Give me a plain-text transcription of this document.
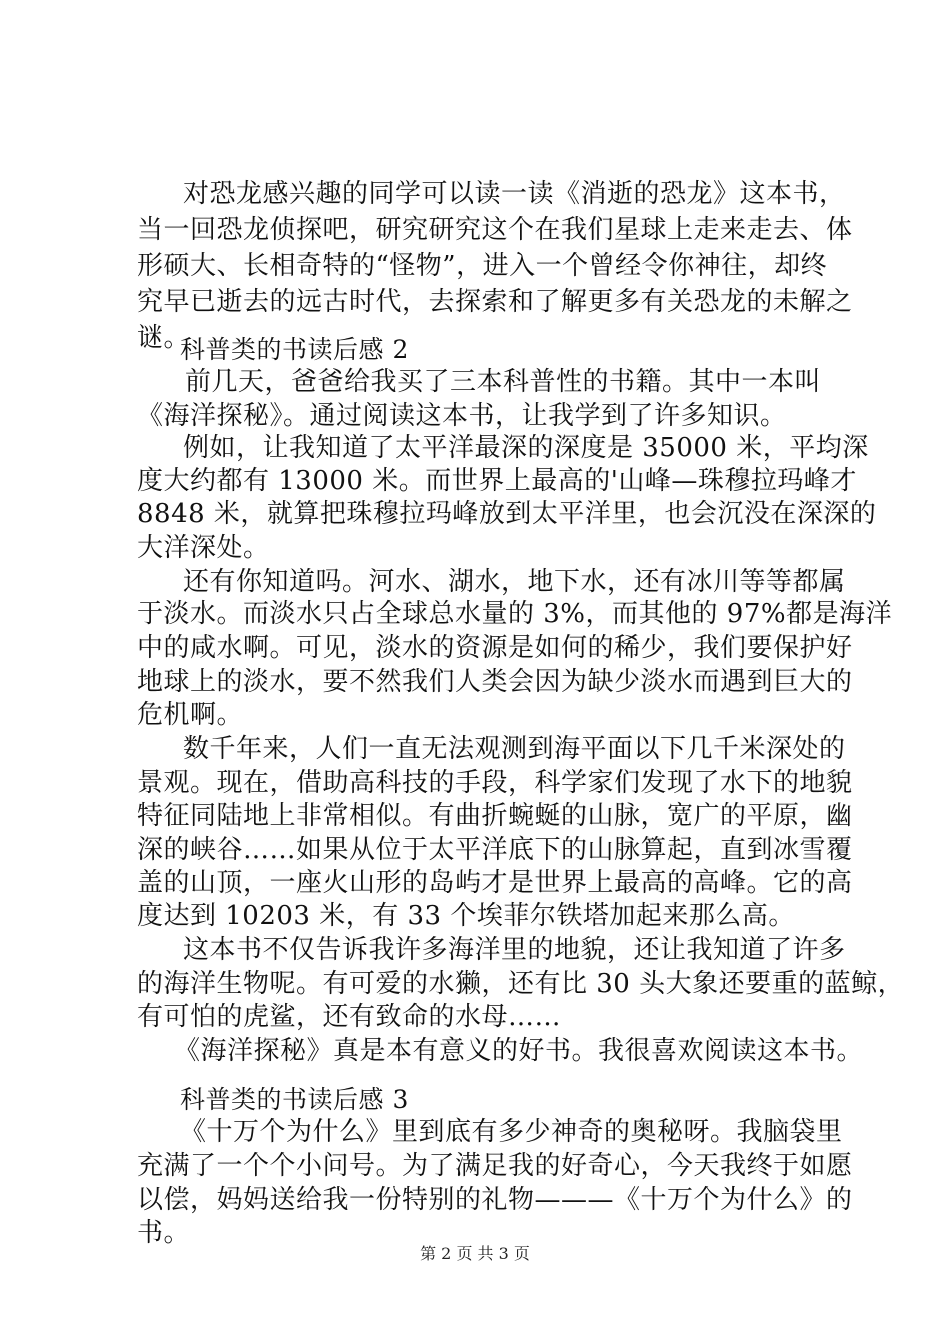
对恐龙感兴趣的同学可以读一读《消逝的恐龙》这本书，
当一回恐龙侦探吧，研究研究这个在我们星球上走来走去、体
形硕大、长相奇特的“怪物”，进入一个曾经令你神往，却终
究早已逝去的远古时代，去探索和了解更多有关恐龙的未解之
谜。
科普类的书读后感 2
前几天，爸爸给我买了三本科普性的书籍。其中一本叫
《海洋探秘》。通过阅读这本书，让我学到了许多知识。
例如，让我知道了太平洋最深的深度是 35000 米，平均深
度大约都有 13000 米。而世界上最高的'山峰—珠穆拉玛峰才
8848 米，就算把珠穆拉玛峰放到太平洋里，也会沉没在深深的
大洋深处。
还有你知道吗。河水、湖水，地下水，还有冰川等等都属
于淡水。而淡水只占全球总水量的 3%，而其他的 97%都是海洋
中的咸水啊。可见，淡水的资源是如何的稀少，我们要保护好
地球上的淡水，要不然我们人类会因为缺少淡水而遇到巨大的
危机啊。
数千年来，人们一直无法观测到海平面以下几千米深处的
景观。现在，借助高科技的手段，科学家们发现了水下的地貌
特征同陆地上非常相似。有曲折蜿蜒的山脉，宽广的平原，幽
深的峡谷……如果从位于太平洋底下的山脉算起，直到冰雪覆
盖的山顶，一座火山形的岛屿才是世界上最高的高峰。它的高
度达到 10203 米，有 33 个埃菲尔铁塔加起来那么高。
这本书不仅告诉我许多海洋里的地貌，还让我知道了许多
的海洋生物呢。有可爱的水獭，还有比 30 头大象还要重的蓝鲸，
有可怕的虎鲨，还有致命的水母……
《海洋探秘》真是本有意义的好书。我很喜欢阅读这本书。
科普类的书读后感 3
《十万个为什么》里到底有多少神奇的奥秘呀。我脑袋里
充满了一个个小问号。为了满足我的好奇心，今天我终于如愿
以偿，妈妈送给我一份特别的礼物———《十万个为什么》的
书。
第 2 页 共 3 页
